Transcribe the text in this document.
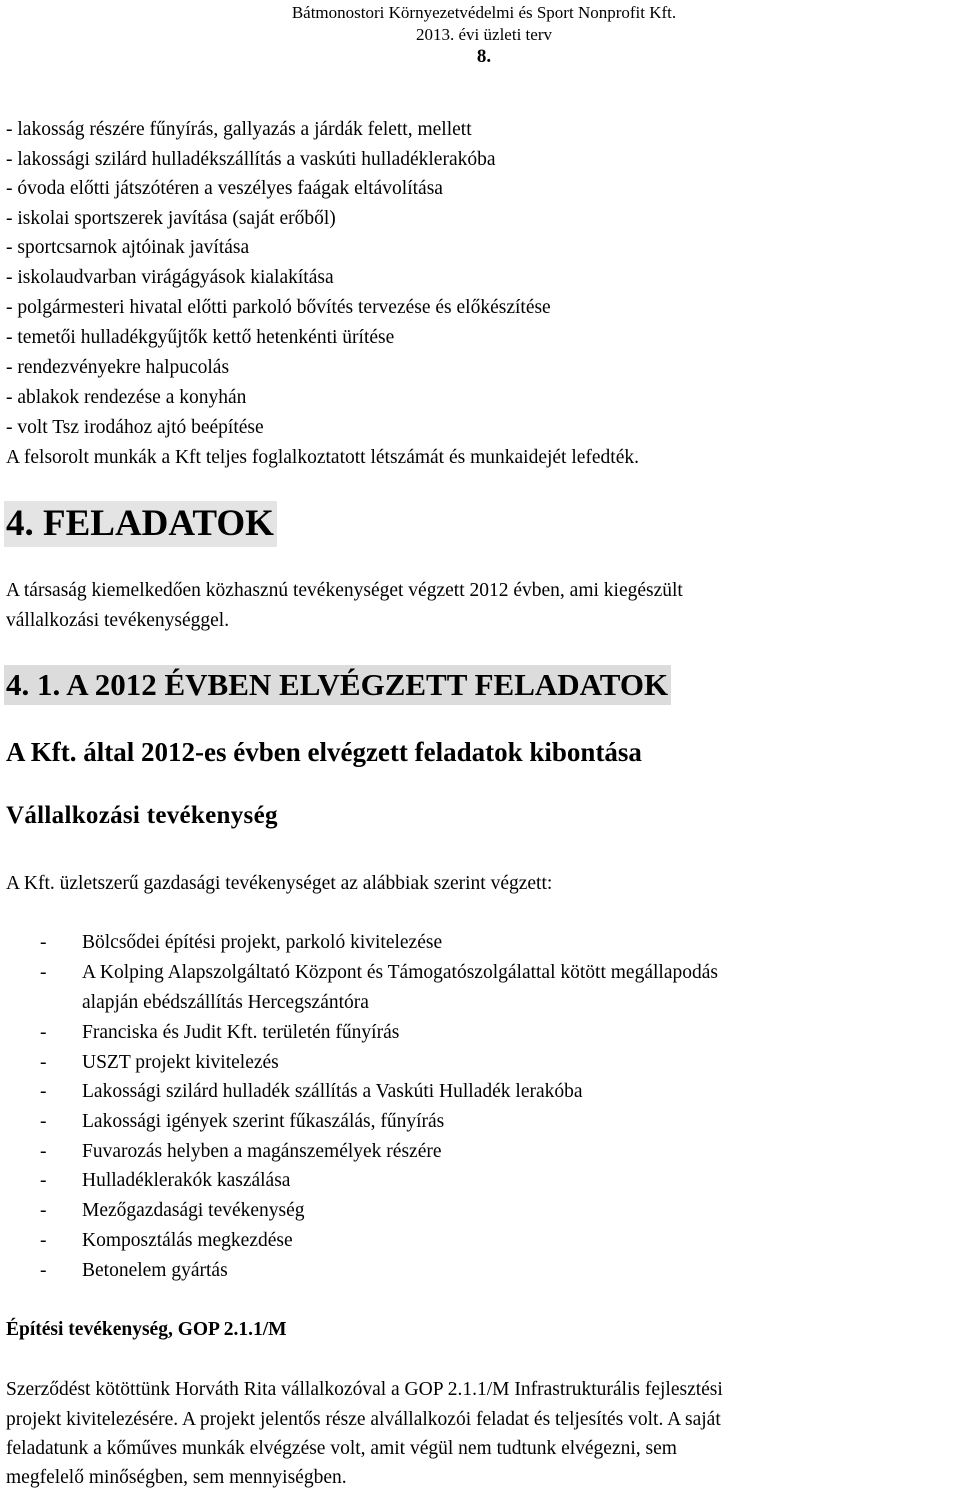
Bátmonostori Környezetvédelmi és Sport Nonprofit Kft.
2013. évi üzleti terv
8.
- lakosság részére fűnyírás, gallyazás a járdák felett, mellett
- lakossági szilárd hulladékszállítás a vaskúti hulladéklerakóba
- óvoda előtti játszótéren a veszélyes faágak eltávolítása
- iskolai sportszerek javítása (saját erőből)
- sportcsarnok ajtóinak javítása
- iskolaudvarban virágágyások kialakítása
- polgármesteri hivatal előtti parkoló bővítés tervezése és előkészítése
- temetői hulladékgyűjtők kettő hetenkénti ürítése
- rendezvényekre halpucolás
- ablakok rendezése a konyhán
- volt Tsz irodához ajtó beépítése
A felsorolt munkák a Kft teljes foglalkoztatott létszámát és munkaidejét lefedték.
4. FELADATOK
A társaság kiemelkedően közhasznú tevékenységet végzett 2012 évben, ami kiegészült
vállalkozási tevékenységgel.
4. 1. A 2012 ÉVBEN ELVÉGZETT FELADATOK
A Kft. által 2012-es évben elvégzett feladatok kibontása
Vállalkozási tevékenység
A Kft. üzletszerű gazdasági tevékenységet az alábbiak szerint végzett:
- Bölcsődei építési projekt, parkoló kivitelezése
- A Kolping Alapszolgáltató Központ és Támogatószolgálattal kötött megállapodás
alapján ebédszállítás Hercegszántóra
- Franciska és Judit Kft. területén fűnyírás
- USZT projekt kivitelezés
- Lakossági szilárd hulladék szállítás a Vaskúti Hulladék lerakóba
- Lakossági igények szerint fűkaszálás, fűnyírás
- Fuvarozás helyben a magánszemélyek részére
- Hulladéklerakók kaszálása
- Mezőgazdasági tevékenység
- Komposztálás megkezdése
- Betonelem gyártás
Építési tevékenység, GOP 2.1.1/M
Szerződést kötöttünk Horváth Rita vállalkozóval a GOP 2.1.1/M Infrastrukturális fejlesztési
projekt kivitelezésére. A projekt jelentős része alvállalkozói feladat és teljesítés volt. A saját
feladatunk a kőműves munkák elvégzése volt, amit végül nem tudtunk elvégezni, sem
megfelelő minőségben, sem mennyiségben.
